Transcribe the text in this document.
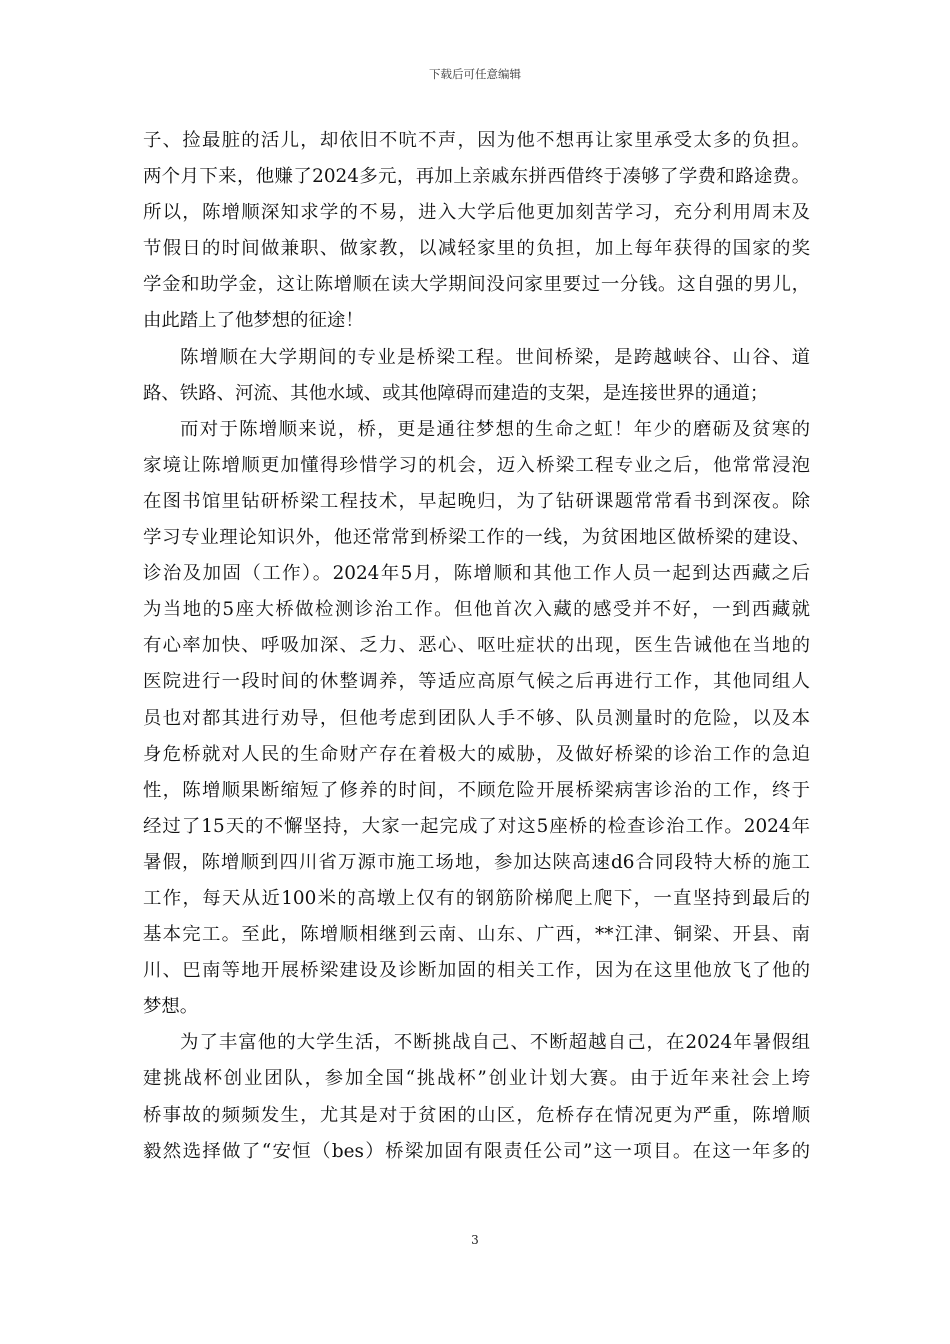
下载后可任意编辑
子、捡最脏的活儿，却依旧不吭不声，因为他不想再让家里承受太多的负担。
两个月下来，他赚了2024多元，再加上亲戚东拼西借终于凑够了学费和路途费。
所以，陈增顺深知求学的不易，进入大学后他更加刻苦学习，充分利用周末及
节假日的时间做兼职、做家教，以减轻家里的负担，加上每年获得的国家的奖
学金和助学金，这让陈增顺在读大学期间没问家里要过一分钱。这自强的男儿，
由此踏上了他梦想的征途！
陈增顺在大学期间的专业是桥梁工程。世间桥梁，是跨越峡谷、山谷、道
路、铁路、河流、其他水域、或其他障碍而建造的支架，是连接世界的通道；
而对于陈增顺来说，桥，更是通往梦想的生命之虹！年少的磨砺及贫寒的
家境让陈增顺更加懂得珍惜学习的机会，迈入桥梁工程专业之后，他常常浸泡
在图书馆里钻研桥梁工程技术，早起晚归，为了钻研课题常常看书到深夜。除
学习专业理论知识外，他还常常到桥梁工作的一线，为贫困地区做桥梁的建设、
诊治及加固（工作）。2024年5月，陈增顺和其他工作人员一起到达西藏之后
为当地的5座大桥做检测诊治工作。但他首次入藏的感受并不好，一到西藏就
有心率加快、呼吸加深、乏力、恶心、呕吐症状的出现，医生告诫他在当地的
医院进行一段时间的休整调养，等适应高原气候之后再进行工作，其他同组人
员也对都其进行劝导，但他考虑到团队人手不够、队员测量时的危险，以及本
身危桥就对人民的生命财产存在着极大的威胁，及做好桥梁的诊治工作的急迫
性，陈增顺果断缩短了修养的时间，不顾危险开展桥梁病害诊治的工作，终于
经过了15天的不懈坚持，大家一起完成了对这5座桥的检查诊治工作。2024年
暑假，陈增顺到四川省万源市施工场地，参加达陕高速d6合同段特大桥的施工
工作，每天从近100米的高墩上仅有的钢筋阶梯爬上爬下，一直坚持到最后的
基本完工。至此，陈增顺相继到云南、山东、广西，**江津、铜梁、开县、南
川、巴南等地开展桥梁建设及诊断加固的相关工作，因为在这里他放飞了他的
梦想。
为了丰富他的大学生活，不断挑战自己、不断超越自己，在2024年暑假组
建挑战杯创业团队，参加全国“挑战杯”创业计划大赛。由于近年来社会上垮
桥事故的频频发生，尤其是对于贫困的山区，危桥存在情况更为严重，陈增顺
毅然选择做了“安恒（bes）桥梁加固有限责任公司”这一项目。在这一年多的
3
